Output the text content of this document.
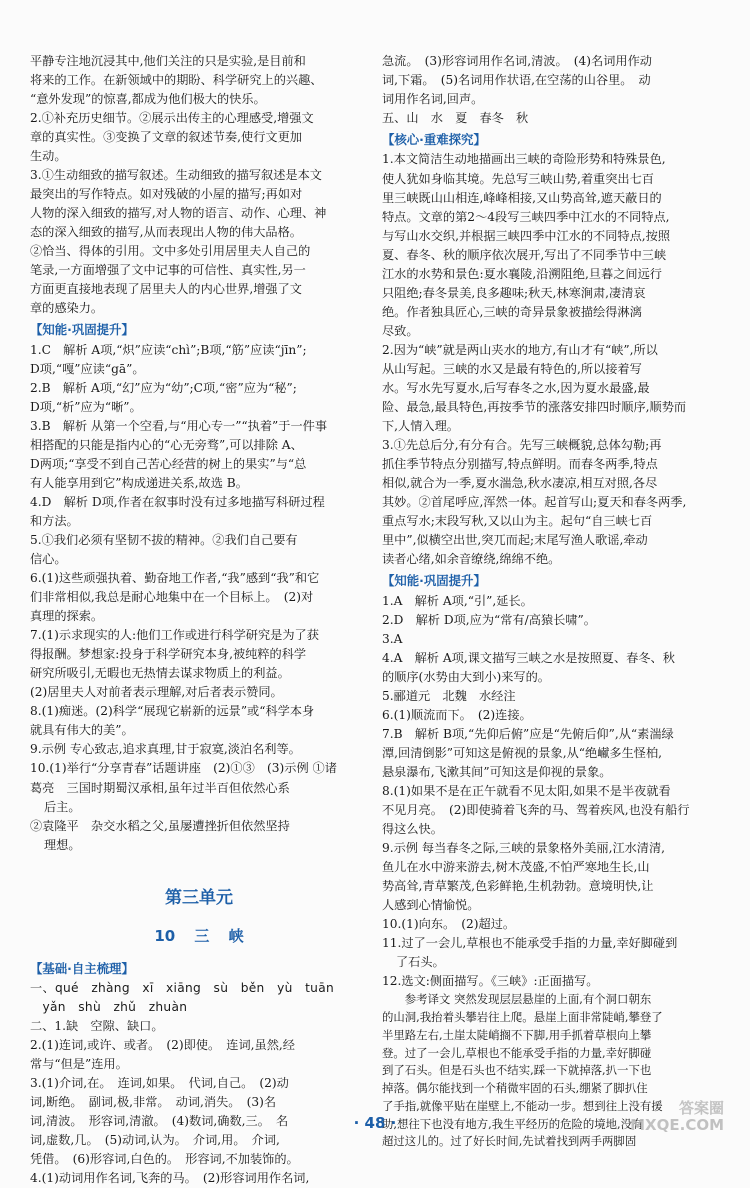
平静专注地沉浸其中,他们关注的只是实验,是目前和
将来的工作。在新领域中的期盼、科学研究上的兴趣、
“意外发现”的惊喜,都成为他们极大的快乐。
2.①补充历史细节。②展示出传主的心理感受,增强文
章的真实性。③变换了文章的叙述节奏,使行文更加
生动。
3.①生动细致的描写叙述。生动细致的描写叙述是本文
最突出的写作特点。如对残破的小屋的描写;再如对
人物的深入细致的描写,对人物的语言、动作、心理、神
态的深入细致的描写,从而表现出人物的伟大品格。
②恰当、得体的引用。文中多处引用居里夫人自己的
笔录,一方面增强了文中记事的可信性、真实性,另一
方面更直接地表现了居里夫人的内心世界,增强了文
章的感染力。
【知能·巩固提升】
1.C　解析 A项,“炽”应读“chì”;B项,“筋”应读“jīn”;
D项,“嘎”应读“gā”。
2.B　解析 A项,“幻”应为“幼”;C项,“密”应为“秘”;
D项,“析”应为“晰”。
3.B　解析 从第一个空看,与“用心专一”“执着”于一件事
相搭配的只能是指内心的“心无旁骛”,可以排除 A、
D两项;“享受不到自己苦心经营的树上的果实”与“总
有人能享用到它”构成递进关系,故选 B。
4.D　解析 D项,作者在叙事时没有过多地描写科研过程
和方法。
5.①我们必须有坚韧不拔的精神。②我们自己要有
信心。
6.(1)这些顽强执着、勤奋地工作者,“我”感到“我”和它
们非常相似,我总是耐心地集中在一个目标上。　(2)对
真理的探索。
7.(1)示求现实的人:他们工作或进行科学研究是为了获
得报酬。梦想家:投身于科学研究本身,被纯粹的科学
研究所吸引,无暇也无热情去谋求物质上的利益。
(2)居里夫人对前者表示理解,对后者表示赞同。
8.(1)痴迷。(2)科学“展现它崭新的远景”或“科学本身
就具有伟大的美”。
9.示例 专心致志,追求真理,甘于寂寞,淡泊名利等。
10.(1)举行“分享青春”话题讲座　(2)①③　(3)示例 ①诸
葛亮　三国时期蜀汉承相,虽年过半百但依然心系
后主。
②袁隆平　杂交水稻之父,虽屡遭挫折但依然坚持
理想。
第三单元
10 三 峡
【基础·自主梳理】
一、qué　zhàng　xī　xiāng　sù　běn　yù　tuān
　yǎn　shù　zhǔ　zhuàn
二、1.缺　空隙、缺口。
2.(1)连词,或许、或者。　(2)即使。　连词,虽然,经
常与“但是”连用。
3.(1)介词,在。　连词,如果。　代词,自己。　(2)动
词,断绝。　副词,极,非常。　动词,消失。　(3)名
词,清波。　形容词,清澈。　(4)数词,确数,三。　名
词,虚数,几。　(5)动词,认为。　介词,用。　介词,
凭借。　(6)形容词,白色的。　形容词,不加装饰的。
4.(1)动词用作名词,飞奔的马。　(2)形容词用作名词,
急流。　(3)形容词用作名词,清波。　(4)名词用作动
词,下霜。　(5)名词用作状语,在空荡的山谷里。　动
词用作名词,回声。
五、山　水　夏　春冬　秋
【核心·重难探究】
1.本文简洁生动地描画出三峡的奇险形势和特殊景色,
使人犹如身临其境。先总写三峡山势,着重突出七百
里三峡既山山相连,峰峰相接,又山势高耸,遮天蔽日的
特点。文章的第2～4段写三峡四季中江水的不同特点,
与写山水交织,并根据三峡四季中江水的不同特点,按照
夏、春冬、秋的顺序依次展开,写出了不同季节中三峡
江水的水势和景色:夏水襄陵,沿溯阻绝,旦暮之间远行
只阻绝;春冬景美,良多趣味;秋天,林寒涧肃,凄清哀
绝。作者独具匠心,三峡的奇异景象被描绘得淋漓
尽致。
2.因为“峡”就是两山夹水的地方,有山才有“峡”,所以
从山写起。三峡的水又是最有特色的,所以接着写
水。写水先写夏水,后写春冬之水,因为夏水最盛,最
险、最急,最具特色,再按季节的涨落安排四时顺序,顺势而
下,人情入理。
3.①先总后分,有分有合。先写三峡概貌,总体勾勒;再
抓住季节特点分别描写,特点鲜明。而春冬两季,特点
相似,就合为一季,夏水湍急,秋水凄凉,相互对照,各尽
其妙。②首尾呼应,浑然一体。起首写山;夏天和春冬两季,
重点写水;末段写秋,又以山为主。起句“自三峡七百
里中”,似横空出世,突兀而起;末尾写渔人歌谣,牵动
读者心绪,如余音缭绕,绵绵不绝。
【知能·巩固提升】
1.A　解析 A项,“引”,延长。
2.D　解析 D项,应为“常有/高猿长啸”。
3.A
4.A　解析 A项,课文描写三峡之水是按照夏、春冬、秋
的顺序(水势由大到小)来写的。
5.郦道元　北魏　水经注
6.(1)顺流而下。　(2)连接。
7.B　解析 B项,“先仰后俯”应是“先俯后仰”,从“素湍绿
潭,回清倒影”可知这是俯视的景象,从“绝𪩘多生怪柏,
悬泉瀑布,飞漱其间”可知这是仰视的景象。
8.(1)如果不是在正午就看不见太阳,如果不是半夜就看
不见月亮。　(2)即使骑着飞奔的马、驾着疾风,也没有船行
得这么快。
9.示例 每当春冬之际,三峡的景象格外美丽,江水清清,
鱼儿在水中游来游去,树木茂盛,不怕严寒地生长,山
势高耸,青草繁茂,色彩鲜艳,生机勃勃。意境明快,让
人感到心情愉悦。
10.(1)向东。　(2)超过。
11.过了一会儿,草根也不能承受手指的力量,幸好脚碰到
了石头。
12.选文:侧面描写。《三峡》:正面描写。
　　参考译文 突然发现层层悬崖的上面,有个洞口朝东
的山洞,我抬着头攀岩往上爬。悬崖上面非常陡峭,攀登了
半里路左右,土崖太陡峭搁不下脚,用手抓着草根向上攀
登。过了一会儿,草根也不能承受手指的力量,幸好脚碰
到了石头。但是石头也不结实,踩一下就掉落,扒一下也
掉落。偶尔能找到一个稍微牢固的石头,绷紧了脚扒住
了手指,就像平贴在崖壁上,不能动一步。想到往上没有援
助,想往下也没有地方,我生平经历的危险的境地,没有
超过这儿的。过了好长时间,先试着找到两手两脚固
· 48 ·
答案圈
MXQE.COM
